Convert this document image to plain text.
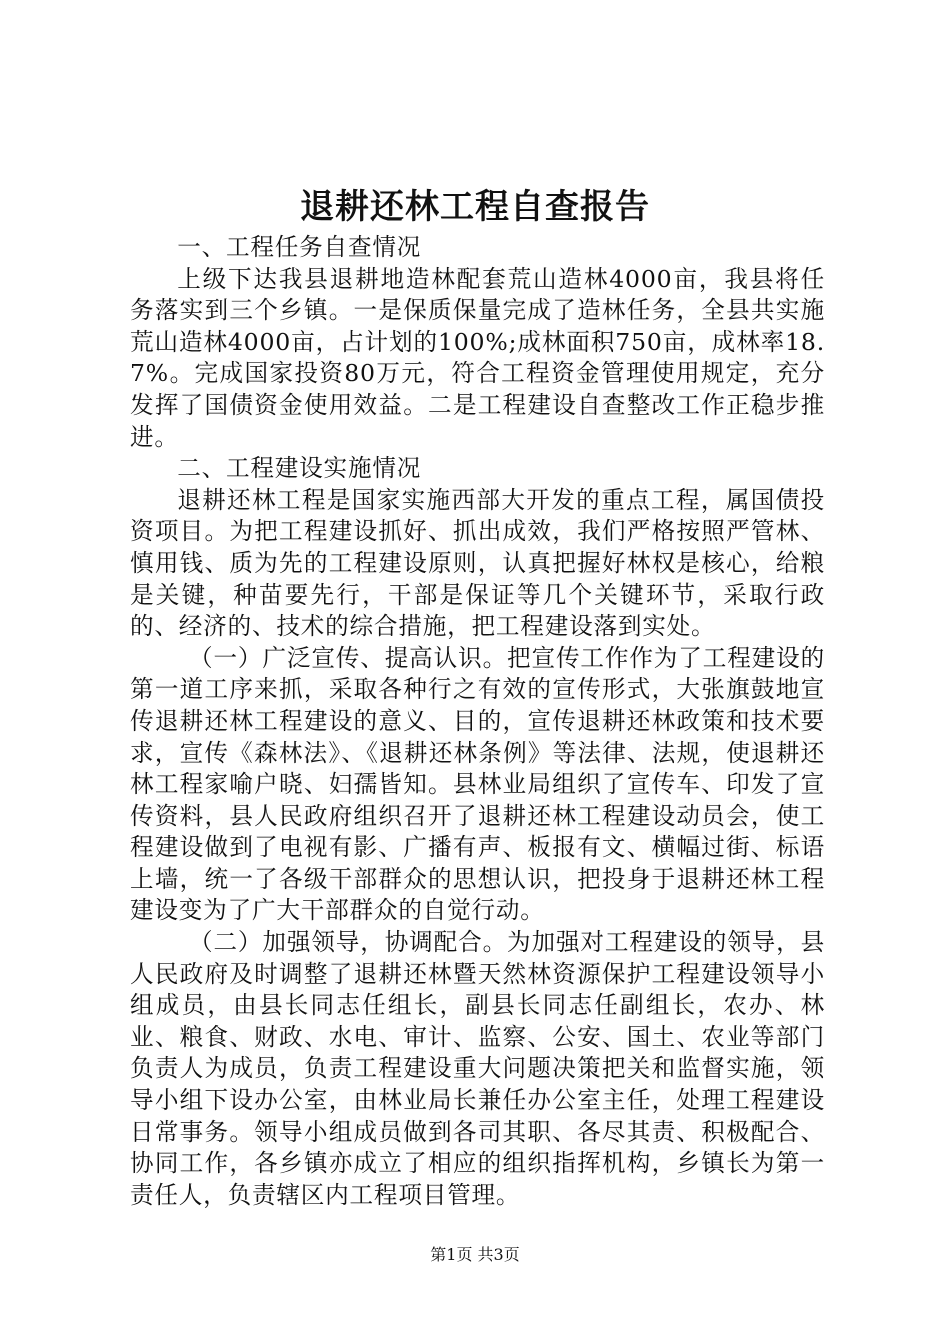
退耕还林工程自查报告

一、工程任务自查情况

上级下达我县退耕地造林配套荒山造林4000亩，我县将任务落实到三个乡镇。一是保质保量完成了造林任务，全县共实施荒山造林4000亩，占计划的100%;成林面积750亩，成林率18.7%。完成国家投资80万元，符合工程资金管理使用规定，充分发挥了国债资金使用效益。二是工程建设自查整改工作正稳步推进。

二、工程建设实施情况

退耕还林工程是国家实施西部大开发的重点工程，属国债投资项目。为把工程建设抓好、抓出成效，我们严格按照严管林、慎用钱、质为先的工程建设原则，认真把握好林权是核心，给粮是关键，种苗要先行，干部是保证等几个关键环节，采取行政的、经济的、技术的综合措施，把工程建设落到实处。

（一）广泛宣传、提高认识。把宣传工作作为了工程建设的第一道工序来抓，采取各种行之有效的宣传形式，大张旗鼓地宣传退耕还林工程建设的意义、目的，宣传退耕还林政策和技术要求，宣传《森林法》、《退耕还林条例》等法律、法规，使退耕还林工程家喻户晓、妇孺皆知。县林业局组织了宣传车、印发了宣传资料，县人民政府组织召开了退耕还林工程建设动员会，使工程建设做到了电视有影、广播有声、板报有文、横幅过街、标语上墙，统一了各级干部群众的思想认识，把投身于退耕还林工程建设变为了广大干部群众的自觉行动。

（二）加强领导，协调配合。为加强对工程建设的领导，县人民政府及时调整了退耕还林暨天然林资源保护工程建设领导小组成员，由县长同志任组长，副县长同志任副组长，农办、林业、粮食、财政、水电、审计、监察、公安、国土、农业等部门负责人为成员，负责工程建设重大问题决策把关和监督实施，领导小组下设办公室，由林业局长兼任办公室主任，处理工程建设日常事务。领导小组成员做到各司其职、各尽其责、积极配合、协同工作，各乡镇亦成立了相应的组织指挥机构，乡镇长为第一责任人，负责辖区内工程项目管理。

第1页 共3页
